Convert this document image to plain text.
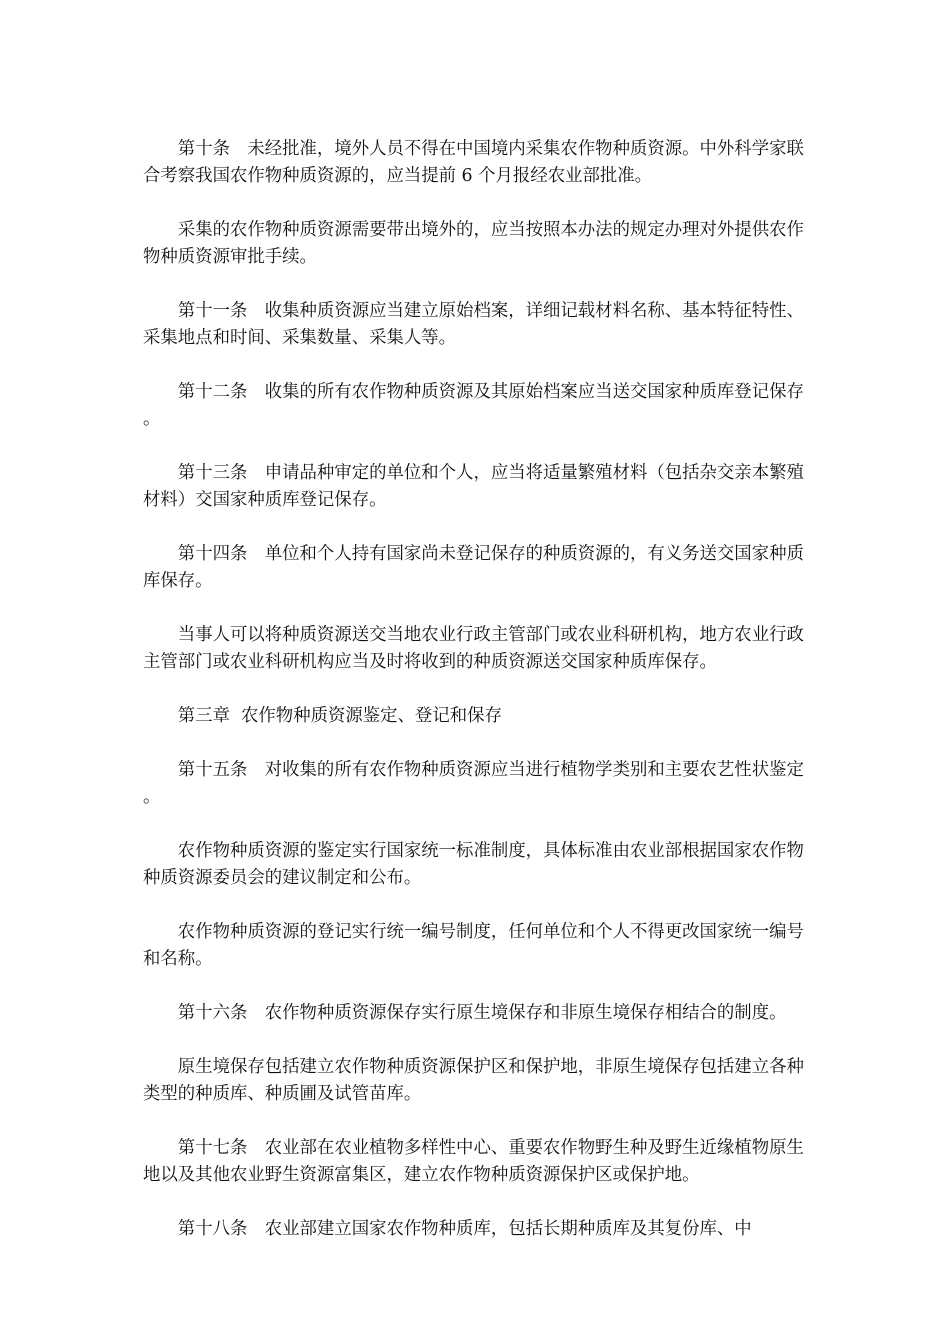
第十条　未经批准，境外人员不得在中国境内采集农作物种质资源。中外科学家联合考察我国农作物种质资源的，应当提前 6 个月报经农业部批准。

采集的农作物种质资源需要带出境外的，应当按照本办法的规定办理对外提供农作物种质资源审批手续。

第十一条　收集种质资源应当建立原始档案，详细记载材料名称、基本特征特性、采集地点和时间、采集数量、采集人等。

第十二条　收集的所有农作物种质资源及其原始档案应当送交国家种质库登记保存。

第十三条　申请品种审定的单位和个人，应当将适量繁殖材料（包括杂交亲本繁殖材料）交国家种质库登记保存。

第十四条　单位和个人持有国家尚未登记保存的种质资源的，有义务送交国家种质库保存。

当事人可以将种质资源送交当地农业行政主管部门或农业科研机构，地方农业行政主管部门或农业科研机构应当及时将收到的种质资源送交国家种质库保存。

第三章  农作物种质资源鉴定、登记和保存

第十五条　对收集的所有农作物种质资源应当进行植物学类别和主要农艺性状鉴定。

农作物种质资源的鉴定实行国家统一标准制度，具体标准由农业部根据国家农作物种质资源委员会的建议制定和公布。

农作物种质资源的登记实行统一编号制度，任何单位和个人不得更改国家统一编号和名称。

第十六条　农作物种质资源保存实行原生境保存和非原生境保存相结合的制度。

原生境保存包括建立农作物种质资源保护区和保护地，非原生境保存包括建立各种类型的种质库、种质圃及试管苗库。

第十七条　农业部在农业植物多样性中心、重要农作物野生种及野生近缘植物原生地以及其他农业野生资源富集区，建立农作物种质资源保护区或保护地。

第十八条　农业部建立国家农作物种质库，包括长期种质库及其复份库、中
